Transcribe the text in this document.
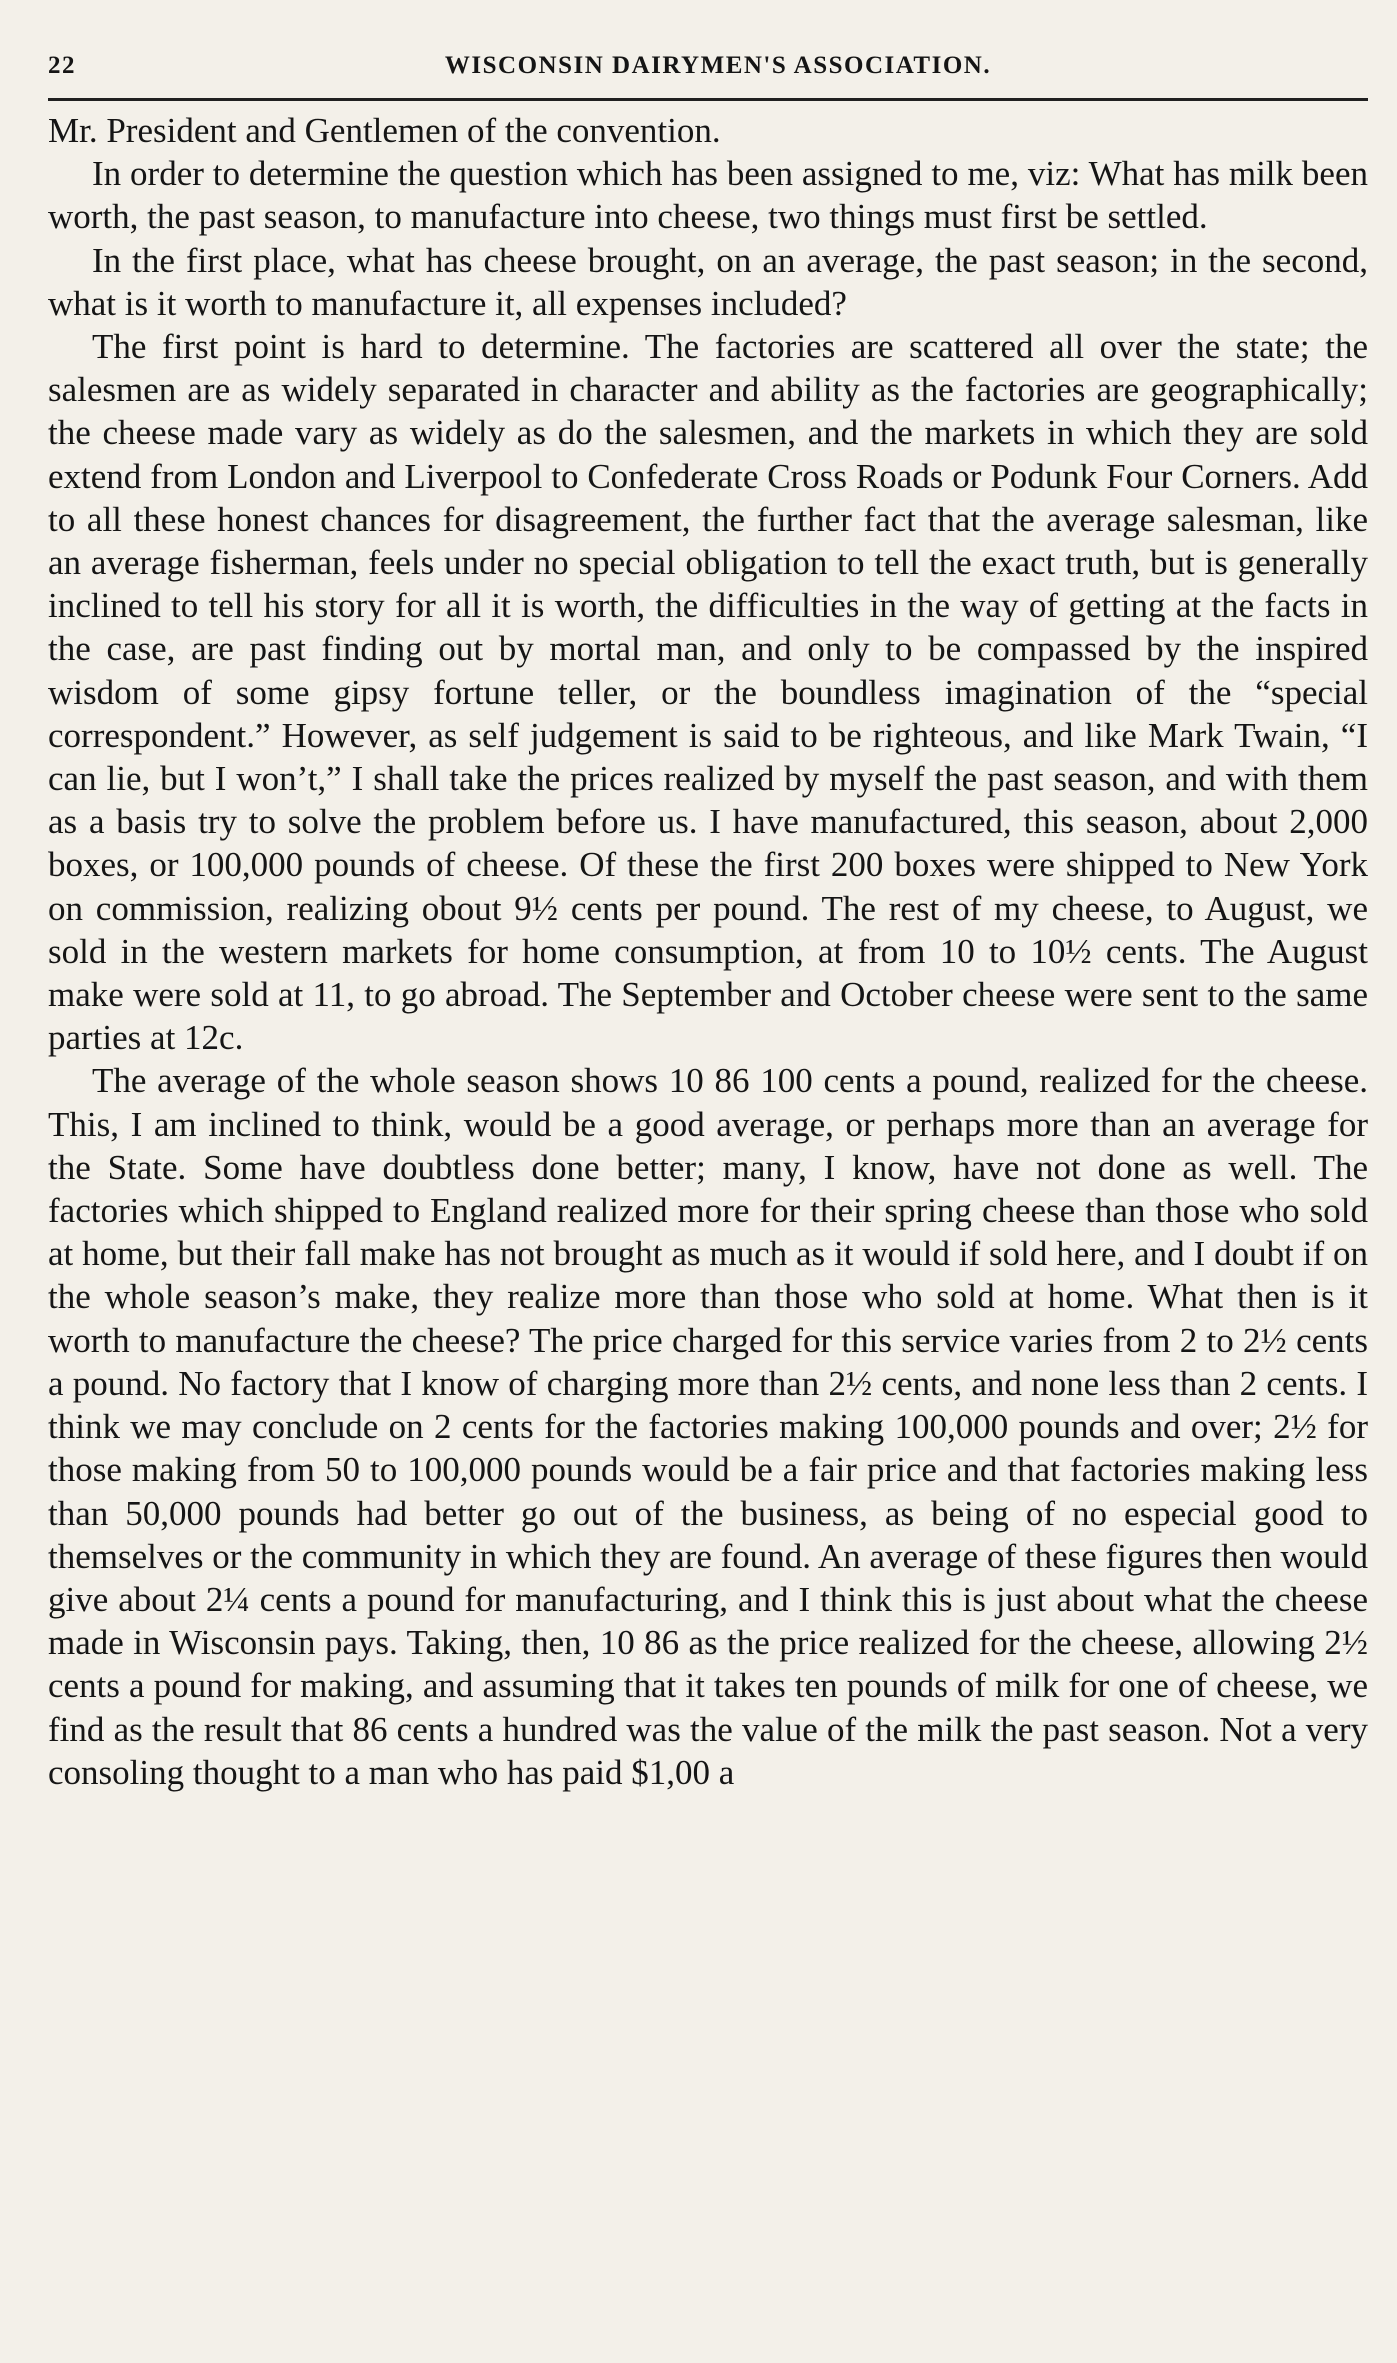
22	WISCONSIN DAIRYMEN'S ASSOCIATION.

Mr. President and Gentlemen of the convention.

In order to determine the question which has been assigned to me, viz: What has milk been worth, the past season, to manufacture into cheese, two things must first be settled.

In the first place, what has cheese brought, on an average, the past season; in the second, what is it worth to manufacture it, all expenses included?

The first point is hard to determine. The factories are scattered all over the state; the salesmen are as widely separated in character and ability as the factories are geographically; the cheese made vary as widely as do the salesmen, and the markets in which they are sold extend from London and Liverpool to Confederate Cross Roads or Podunk Four Corners. Add to all these honest chances for disagreement, the further fact that the average salesman, like an average fisherman, feels under no special obligation to tell the exact truth, but is generally inclined to tell his story for all it is worth, the difficulties in the way of getting at the facts in the case, are past finding out by mortal man, and only to be compassed by the inspired wisdom of some gipsy fortune teller, or the boundless imagination of the “special correspondent.” However, as self judgement is said to be righteous, and like Mark Twain, “I can lie, but I won’t,” I shall take the prices realized by myself the past season, and with them as a basis try to solve the problem before us. I have manufactured, this season, about 2,000 boxes, or 100,000 pounds of cheese. Of these the first 200 boxes were shipped to New York on commission, realizing obout 9½ cents per pound. The rest of my cheese, to August, we sold in the western markets for home consumption, at from 10 to 10½ cents. The August make were sold at 11, to go abroad. The September and October cheese were sent to the same parties at 12c.

The average of the whole season shows 10 86 100 cents a pound, realized for the cheese. This, I am inclined to think, would be a good average, or perhaps more than an average for the State. Some have doubtless done better; many, I know, have not done as well. The factories which shipped to England realized more for their spring cheese than those who sold at home, but their fall make has not brought as much as it would if sold here, and I doubt if on the whole season’s make, they realize more than those who sold at home. What then is it worth to manufacture the cheese? The price charged for this service varies from 2 to 2½ cents a pound. No factory that I know of charging more than 2½ cents, and none less than 2 cents. I think we may conclude on 2 cents for the factories making 100,000 pounds and over; 2½ for those making from 50 to 100,000 pounds would be a fair price and that factories making less than 50,000 pounds had better go out of the business, as being of no especial good to themselves or the community in which they are found. An average of these figures then would give about 2¼ cents a pound for manufacturing, and I think this is just about what the cheese made in Wisconsin pays. Taking, then, 10 86 as the price realized for the cheese, allowing 2½ cents a pound for making, and assuming that it takes ten pounds of milk for one of cheese, we find as the result that 86 cents a hundred was the value of the milk the past season. Not a very consoling thought to a man who has paid $1,00 a
